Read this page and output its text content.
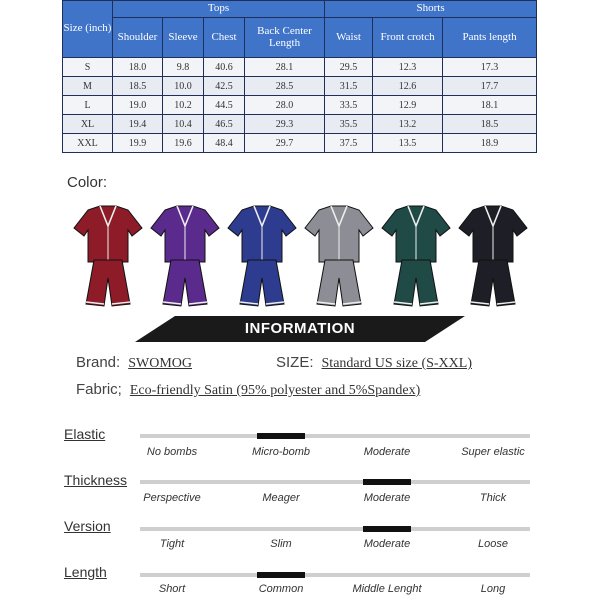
Size (inch)	Tops				Shorts		
	Shoulder	Sleeve	Chest	Back Center Length	Waist	Front crotch	Pants length
S	18.0	9.8	40.6	28.1	29.5	12.3	17.3
M	18.5	10.0	42.5	28.5	31.5	12.6	17.7
L	19.0	10.2	44.5	28.0	33.5	12.9	18.1
XL	19.4	10.4	46.5	29.3	35.5	13.2	18.5
XXL	19.9	19.6	48.4	29.7	37.5	13.5	18.9
Color:
INFORMATION
Brand: SWOMOG	SIZE: Standard US size (S-XXL)
Fabric; Eco-friendly Satin (95% polyester and 5%Spandex)
Elastic
No bombs	Micro-bomb	Moderate	Super elastic
Thickness
Perspective	Meager	Moderate	Thick
Version
Tight	Slim	Moderate	Loose
Length
Short	Common	Middle Lenght	Long
